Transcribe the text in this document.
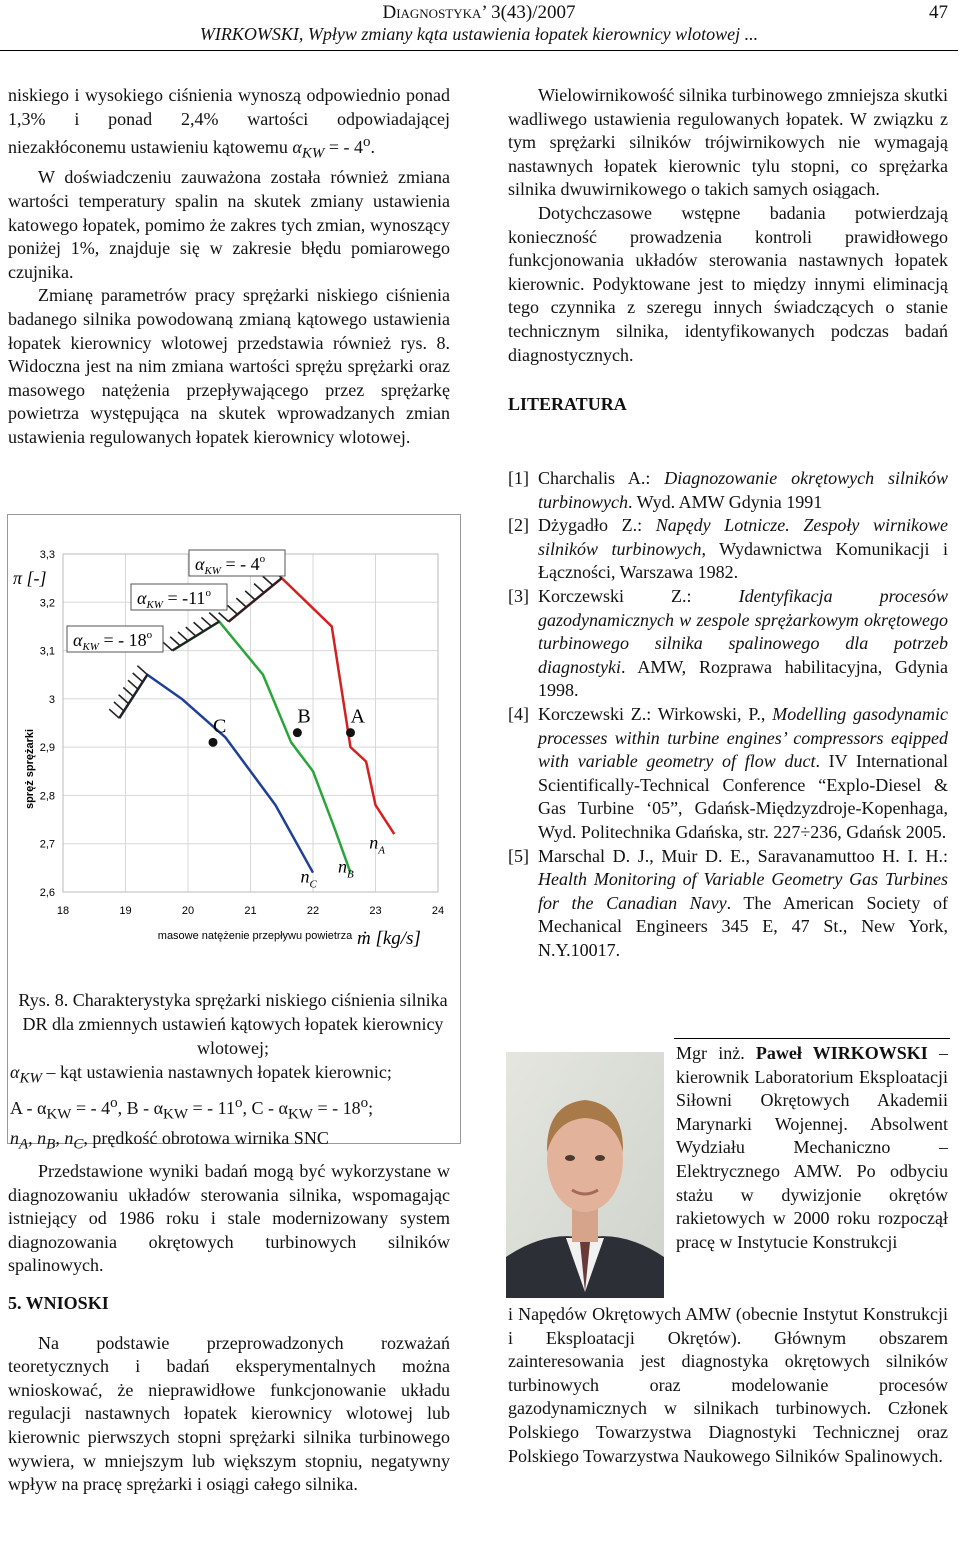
Diagnostyka’ 3(43)/2007	47
WIRKOWSKI, Wpływ zmiany kąta ustawienia łopatek kierownicy wlotowej ...

niskiego i wysokiego ciśnienia wynoszą odpowiednio ponad 1,3% i ponad 2,4% wartości odpowiadającej niezakłóconemu ustawieniu kątowemu $\alpha_{KW}$ = - 4$^o$.

W doświadczeniu zauważona została również zmiana wartości temperatury spalin na skutek zmiany ustawienia katowego łopatek, pomimo że zakres tych zmian, wynoszący poniżej 1%, znajduje się w zakresie błędu pomiarowego czujnika.

Zmianę parametrów pracy sprężarki niskiego ciśnienia badanego silnika powodowaną zmianą kątowego ustawienia łopatek kierownicy wlotowej przedstawia również rys. 8. Widoczna jest na nim zmiana wartości sprężu sprężarki oraz masowego natężenia przepływającego przez sprężarkę powietrza występująca na skutek wprowadzanych zmian ustawienia regulowanych łopatek kierownicy wlotowej.

18	19	20	21	22	23	24
3,3
3,2
3,1
3
2,9
2,8
2,7
2,6
π [-]
spręż sprężarki
masowe natężenie przepływu powietrza ṁ [kg/s]
$\alpha_{KW}$ = - 4$^o$
$\alpha_{KW} = -11^o$
$\alpha_{KW}$ = - 18$^o$
C	B A
$n_C$
$n_B$
$n_A$

Rys. 8. Charakterystyka sprężarki niskiego ciśnienia silnika DR dla zmiennych ustawień kątowych łopatek kierownicy wlotowej;

$\alpha_{KW}$ – kąt ustawienia nastawnych łopatek kierownic;

A - $\alpha_{KW}$ = - 4$^o$, B - $\alpha_{KW}$ = - 11$^o$, C - $\alpha_{KW}$ = - 18$^o$;

$n_A$, $n_B$, $n_C$, prędkość obrotowa wirnika SNC

Przedstawione wyniki badań mogą być wykorzystane w diagnozowaniu układów sterowania silnika, wspomagając istniejący od 1986 roku i stale modernizowany system diagnozowania okrętowych turbinowych silników spalinowych.

5. WNIOSKI

Na podstawie przeprowadzonych rozważań teoretycznych i badań eksperymentalnych można wnioskować, że nieprawidłowe funkcjonowanie układu regulacji nastawnych łopatek kierownicy wlotowej lub kierownic pierwszych stopni sprężarki silnika turbinowego wywiera, w mniejszym lub większym stopniu, negatywny wpływ na pracę sprężarki i osiągi całego silnika.

Wielowirnikowość silnika turbinowego zmniejsza skutki wadliwego ustawienia regulowanych łopatek. W związku z tym sprężarki silników trójwirnikowych nie wymagają nastawnych łopatek kierownic tylu stopni, co sprężarka silnika dwuwirnikowego o takich samych osiągach.

Dotychczasowe wstępne badania potwierdzają konieczność prowadzenia kontroli prawidłowego funkcjonowania układów sterowania nastawnych łopatek kierownic. Podyktowane jest to między innymi eliminacją tego czynnika z szeregu innych świadczących o stanie technicznym silnika, identyfikowanych podczas badań diagnostycznych.

LITERATURA

[1] Charchalis A.: Diagnozowanie okrętowych silników turbinowych. Wyd. AMW Gdynia 1991
[2] Dżygadło Z.: Napędy Lotnicze. Zespoły wirnikowe silników turbinowych, Wydawnictwa Komunikacji i Łączności, Warszawa 1982.
[3] Korczewski Z.: Identyfikacja procesów gazodynamicznych w zespole sprężarkowym okrętowego turbinowego silnika spalinowego dla potrzeb diagnostyki. AMW, Rozprawa habilitacyjna, Gdynia 1998.
[4] Korczewski Z.: Wirkowski, P., Modelling gasodynamic processes within turbine engines’ compressors eqipped with variable geometry of flow duct. IV International Scientifically-Technical Conference “Explo-Diesel & Gas Turbine ‘05”, Gdańsk-Międzyzdroje-Kopenhaga, Wyd. Politechnika Gdańska, str. 227÷236, Gdańsk 2005.
[5] Marschal D. J., Muir D. E., Saravanamuttoo H. I. H.: Health Monitoring of Variable Geometry Gas Turbines for the Canadian Navy. The American Society of Mechanical Engineers 345 E, 47 St., New York, N.Y.10017.

Mgr inż. Paweł WIRKOWSKI – kierownik Laboratorium Eksploatacji Siłowni Okrętowych Akademii Marynarki Wojennej. Absolwent Wydziału Mechaniczno – Elektrycznego AMW. Po odbyciu stażu w dywizjonie okrętów rakietowych w 2000 roku rozpoczął pracę w Instytucie Konstrukcji

i Napędów Okrętowych AMW (obecnie Instytut Konstrukcji i Eksploatacji Okrętów). Głównym obszarem zainteresowania jest diagnostyka okrętowych silników turbinowych oraz modelowanie procesów gazodynamicznych w silnikach turbinowych. Członek Polskiego Towarzystwa Diagnostyki Technicznej oraz Polskiego Towarzystwa Naukowego Silników Spalinowych.
